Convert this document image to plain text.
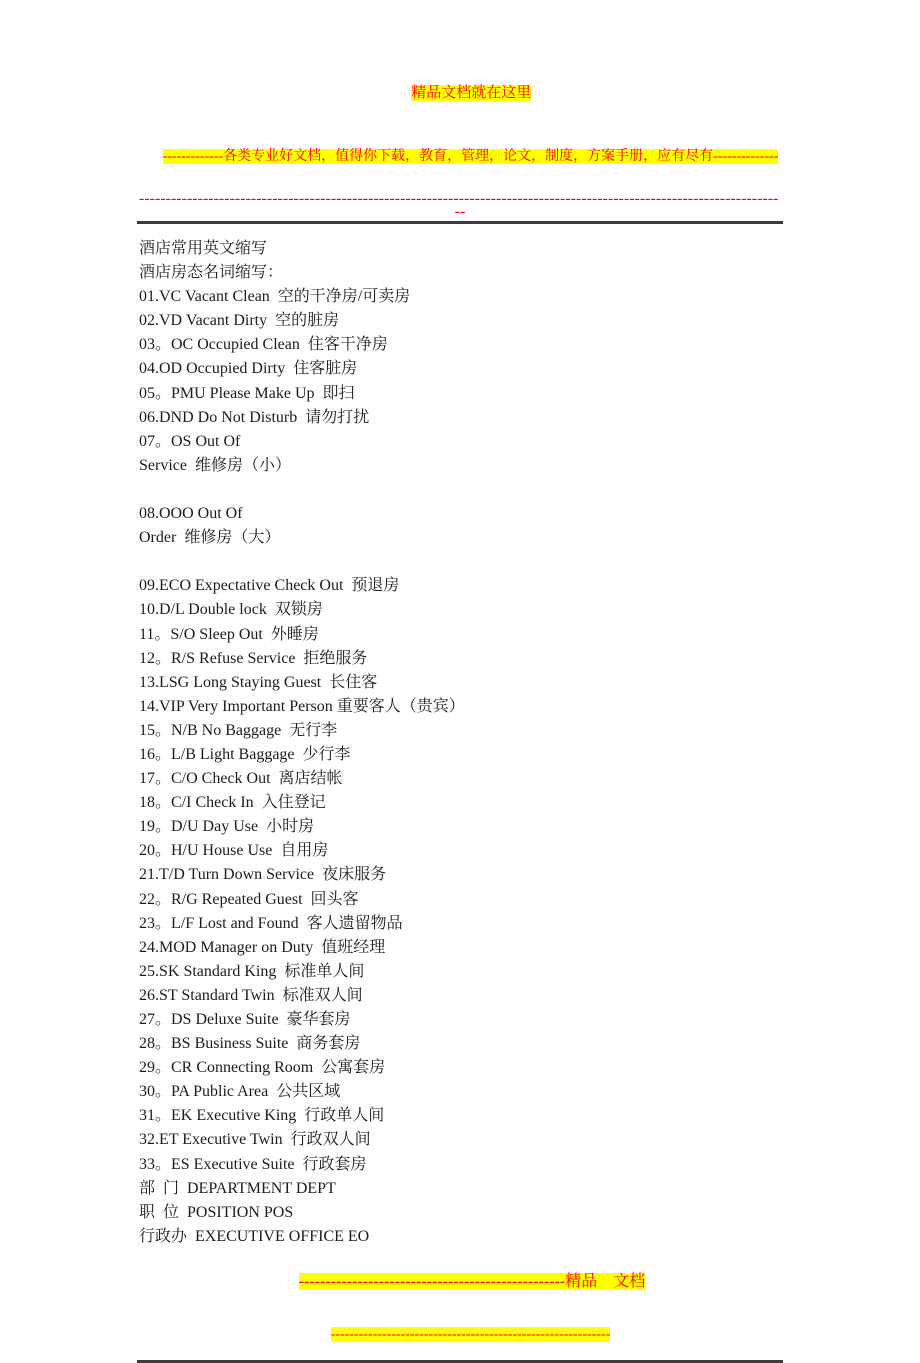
精品文档就在这里

-------------各类专业好文档，值得你下载，教育，管理，论文，制度，方案手册，应有尽有--------------

------------------------------------------------------------------------------------------------------------------------
--
酒店常用英文缩写
酒店房态名词缩写：
01.VC Vacant Clean  空的干净房/可卖房
02.VD Vacant Dirty  空的脏房
03。OC Occupied Clean  住客干净房
04.OD Occupied Dirty  住客脏房
05。PMU Please Make Up  即扫
06.DND Do Not Disturb  请勿打扰
07。OS Out Of
Service  维修房（小）

08.OOO Out Of
Order  维修房（大）

09.ECO Expectative Check Out  预退房
10.D/L Double lock  双锁房
11。S/O Sleep Out  外睡房
12。R/S Refuse Service  拒绝服务
13.LSG Long Staying Guest  长住客
14.VIP Very Important Person 重要客人（贵宾）
15。N/B No Baggage  无行李
16。L/B Light Baggage  少行李
17。C/O Check Out  离店结帐
18。C/I Check In  入住登记
19。D/U Day Use  小时房
20。H/U House Use  自用房
21.T/D Turn Down Service  夜床服务
22。R/G Repeated Guest  回头客
23。L/F Lost and Found  客人遗留物品
24.MOD Manager on Duty  值班经理
25.SK Standard King  标准单人间
26.ST Standard Twin  标准双人间
27。DS Deluxe Suite  豪华套房
28。BS Business Suite  商务套房
29。CR Connecting Room  公寓套房
30。PA Public Area  公共区域
31。EK Executive King  行政单人间
32.ET Executive Twin  行政双人间
33。ES Executive Suite  行政套房
部  门  DEPARTMENT DEPT
职  位  POSITION POS
行政办  EXECUTIVE OFFICE EO

--------------------------------------------------精品　文档

------------------------------------------------------------
